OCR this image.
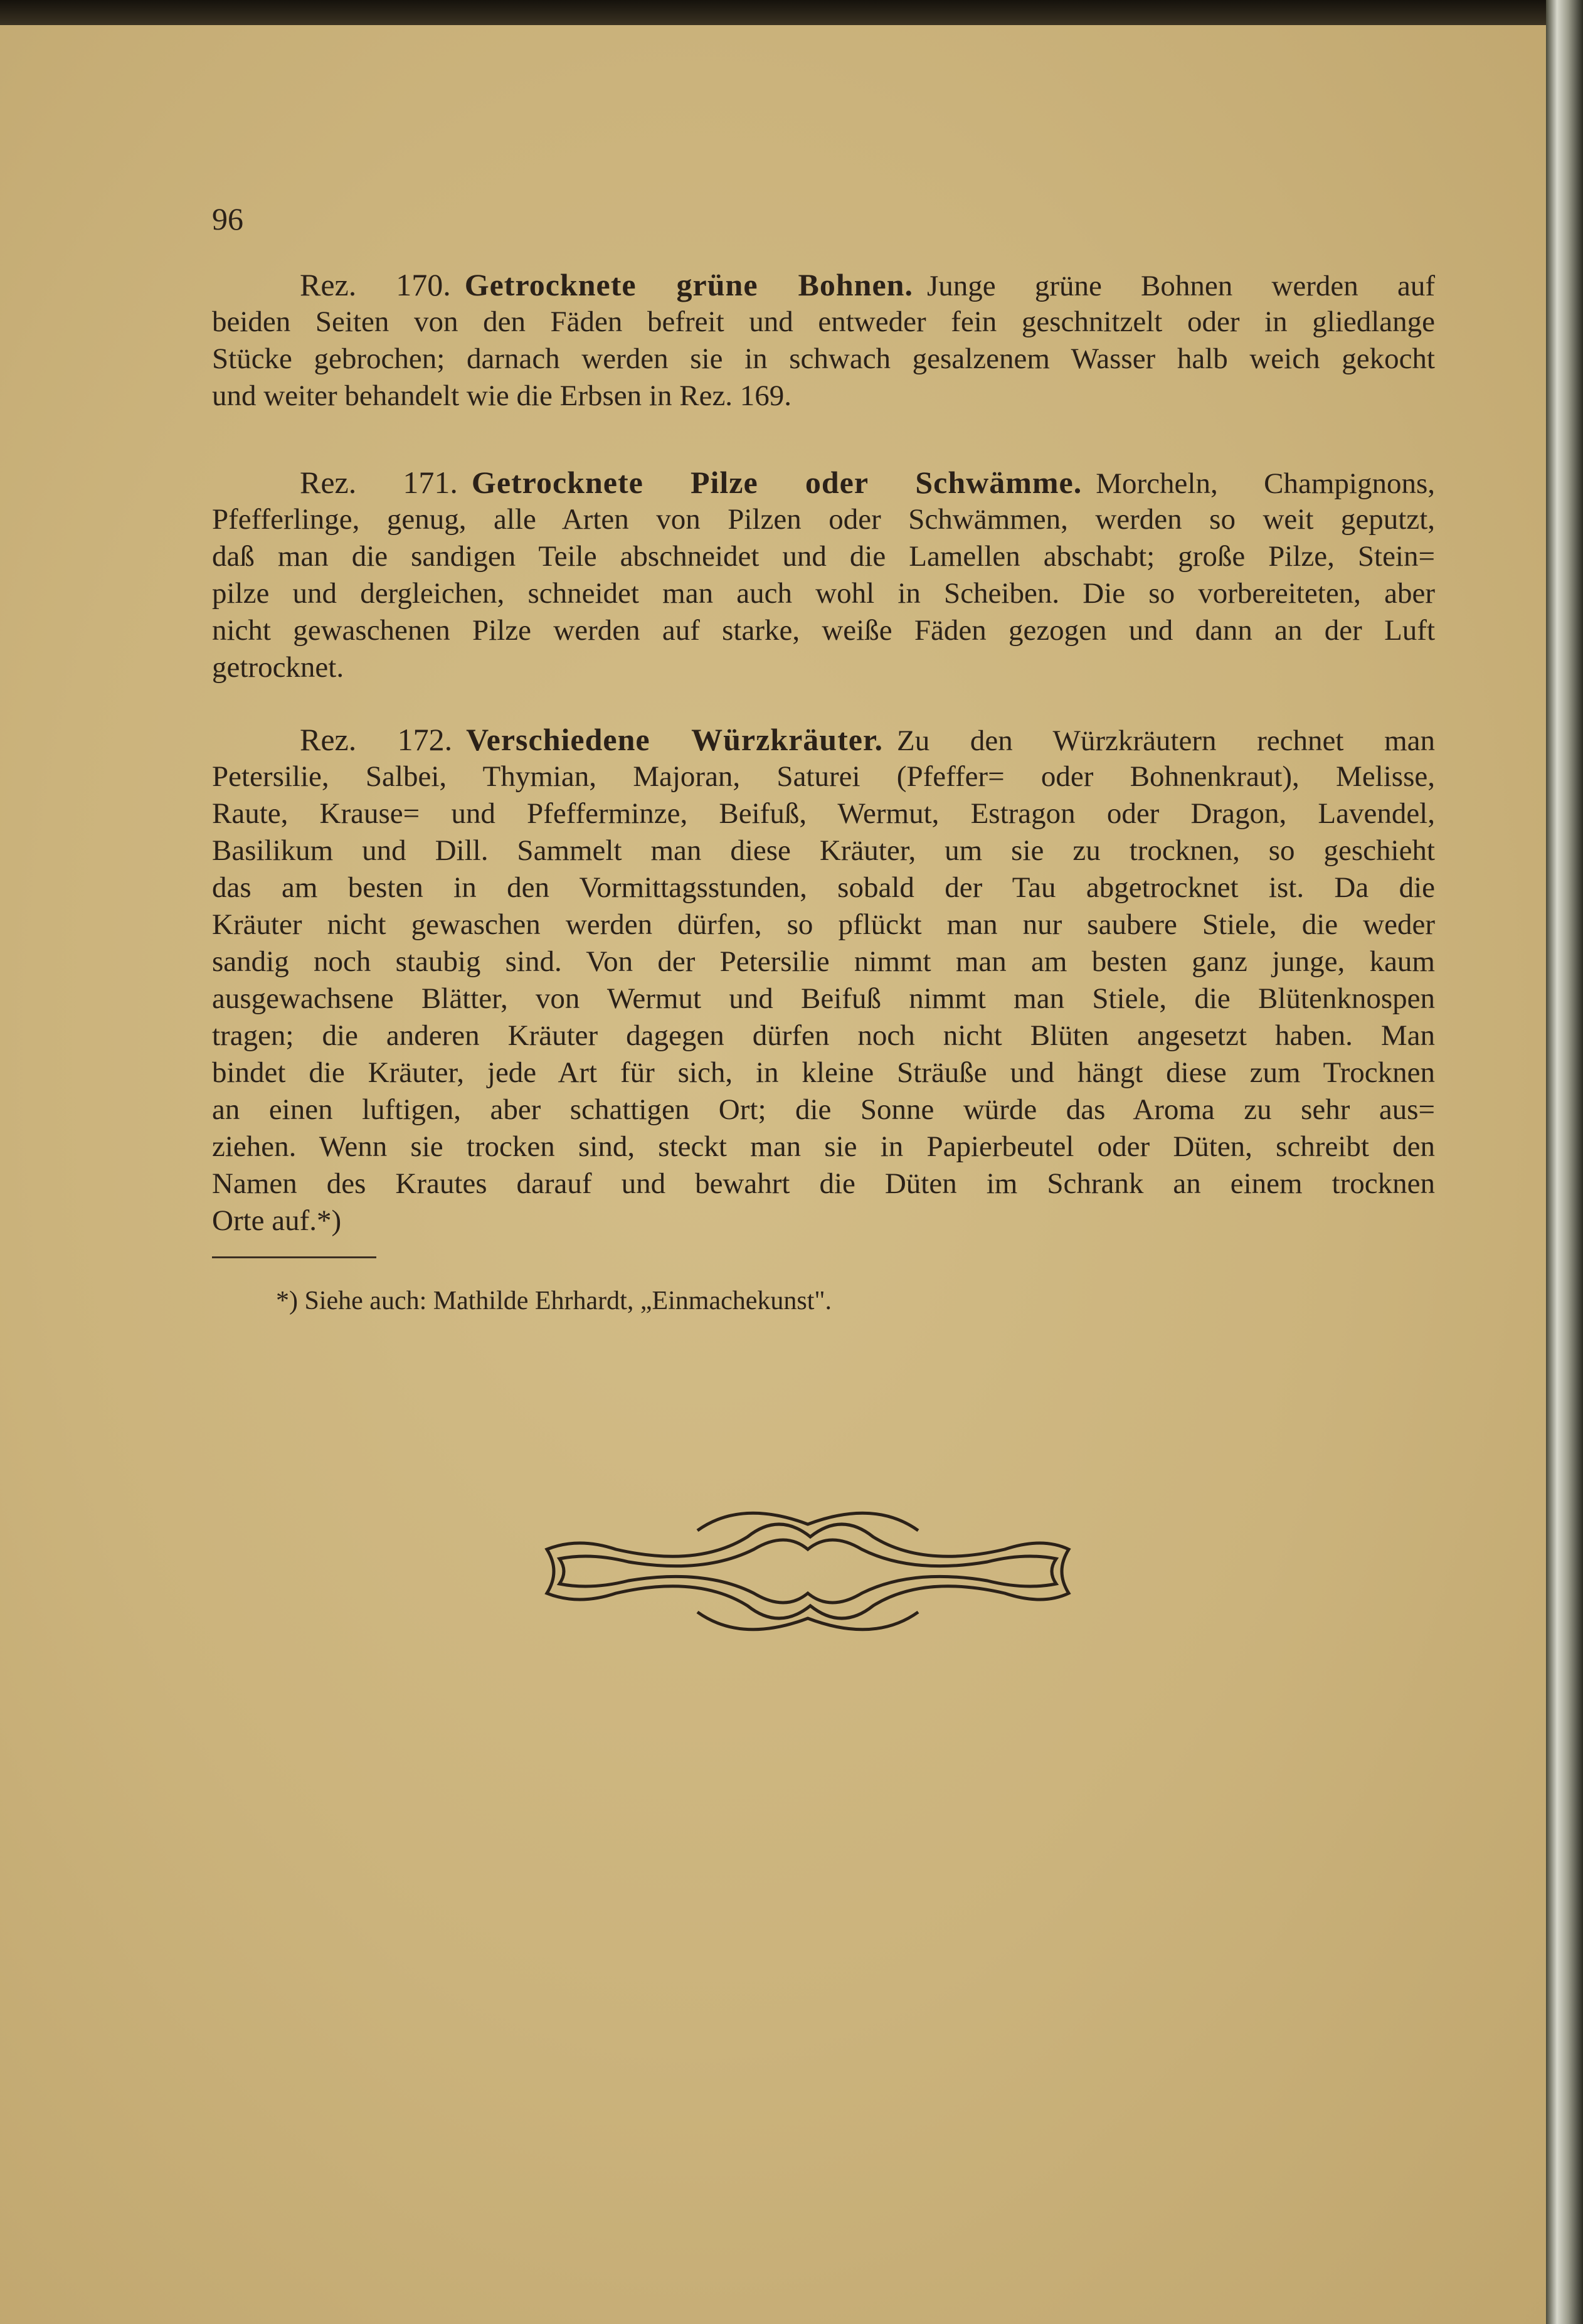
96
Rez. 170. Getrocknete grüne Bohnen. Junge grüne Bohnen werden auf
beiden Seiten von den Fäden befreit und entweder fein geschnitzelt oder in gliedlange
Stücke gebrochen; darnach werden sie in schwach gesalzenem Wasser halb weich gekocht
und weiter behandelt wie die Erbsen in Rez. 169.
Rez. 171. Getrocknete Pilze oder Schwämme. Morcheln, Champignons,
Pfefferlinge, genug, alle Arten von Pilzen oder Schwämmen, werden so weit geputzt,
daß man die sandigen Teile abschneidet und die Lamellen abschabt; große Pilze, Stein=
pilze und dergleichen, schneidet man auch wohl in Scheiben. Die so vorbereiteten, aber
nicht gewaschenen Pilze werden auf starke, weiße Fäden gezogen und dann an der Luft
getrocknet.
Rez. 172. Verschiedene Würzkräuter. Zu den Würzkräutern rechnet man
Petersilie, Salbei, Thymian, Majoran, Saturei (Pfeffer= oder Bohnenkraut), Melisse,
Raute, Krause= und Pfefferminze, Beifuß, Wermut, Estragon oder Dragon, Lavendel,
Basilikum und Dill. Sammelt man diese Kräuter, um sie zu trocknen, so geschieht
das am besten in den Vormittagsstunden, sobald der Tau abgetrocknet ist. Da die
Kräuter nicht gewaschen werden dürfen, so pflückt man nur saubere Stiele, die weder
sandig noch staubig sind. Von der Petersilie nimmt man am besten ganz junge, kaum
ausgewachsene Blätter, von Wermut und Beifuß nimmt man Stiele, die Blütenknospen
tragen; die anderen Kräuter dagegen dürfen noch nicht Blüten angesetzt haben. Man
bindet die Kräuter, jede Art für sich, in kleine Sträuße und hängt diese zum Trocknen
an einen luftigen, aber schattigen Ort; die Sonne würde das Aroma zu sehr aus=
ziehen. Wenn sie trocken sind, steckt man sie in Papierbeutel oder Düten, schreibt den
Namen des Krautes darauf und bewahrt die Düten im Schrank an einem trocknen
Orte auf.*)
*) Siehe auch: Mathilde Ehrhardt, „Einmachekunst".
